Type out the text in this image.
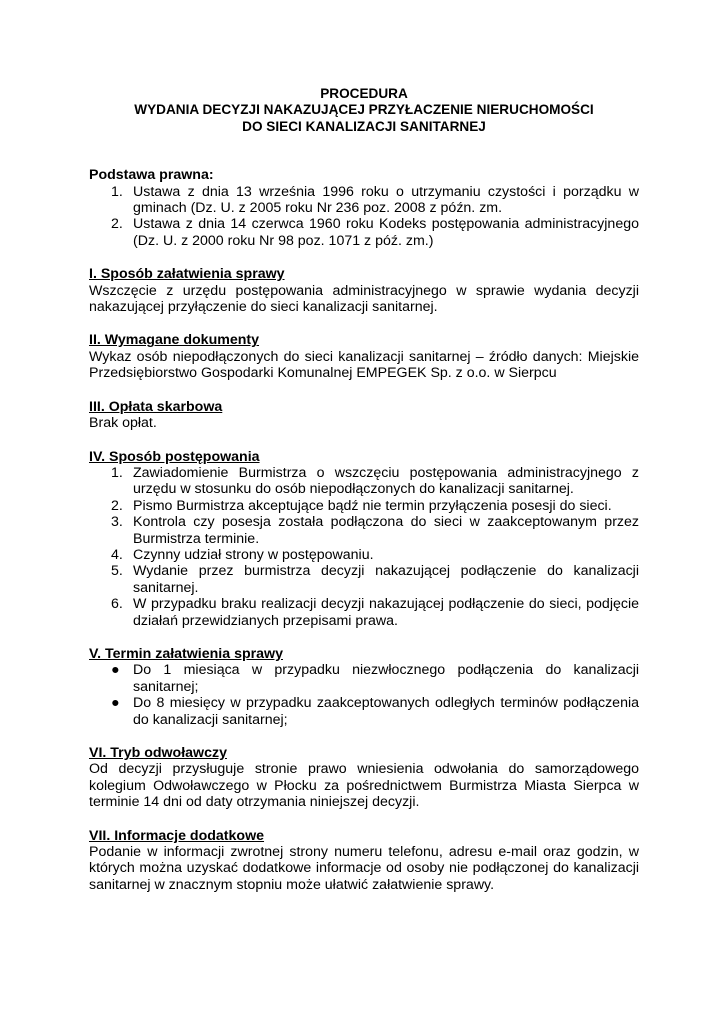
PROCEDURA
WYDANIA DECYZJI NAKAZUJĄCEJ PRZYŁACZENIE NIERUCHOMOŚCI
DO SIECI KANALIZACJI SANITARNEJ
Podstawa prawna:
1. Ustawa z dnia 13 września 1996 roku o utrzymaniu czystości i porządku w gminach (Dz. U. z 2005 roku Nr 236 poz. 2008 z późn. zm.
2. Ustawa z dnia 14 czerwca 1960 roku Kodeks postępowania administracyjnego (Dz. U. z 2000 roku Nr 98 poz. 1071 z póź. zm.)
I. Sposób załatwienia sprawy
Wszczęcie z urzędu postępowania administracyjnego w sprawie wydania decyzji nakazującej przyłączenie do sieci kanalizacji sanitarnej.
II. Wymagane dokumenty
Wykaz osób niepodłączonych do sieci kanalizacji sanitarnej – źródło danych: Miejskie Przedsiębiorstwo Gospodarki Komunalnej EMPEGEK Sp. z o.o. w Sierpcu
III. Opłata skarbowa
Brak opłat.
IV. Sposób postępowania
1. Zawiadomienie Burmistrza o wszczęciu postępowania administracyjnego z urzędu w stosunku do osób niepodłączonych do kanalizacji sanitarnej.
2. Pismo Burmistrza akceptujące bądź nie termin przyłączenia posesji do sieci.
3. Kontrola czy posesja została podłączona do sieci w zaakceptowanym przez Burmistrza terminie.
4. Czynny udział strony w postępowaniu.
5. Wydanie przez burmistrza decyzji nakazującej podłączenie do kanalizacji sanitarnej.
6. W przypadku braku realizacji decyzji nakazującej podłączenie do sieci, podjęcie działań przewidzianych przepisami prawa.
V. Termin załatwienia sprawy
● Do 1 miesiąca w przypadku niezwłocznego podłączenia do kanalizacji sanitarnej;
● Do 8 miesięcy w przypadku zaakceptowanych odległych terminów podłączenia do kanalizacji sanitarnej;
VI. Tryb odwoławczy
Od decyzji przysługuje stronie prawo wniesienia odwołania do samorządowego kolegium Odwoławczego w Płocku za pośrednictwem Burmistrza Miasta Sierpca w terminie 14 dni od daty otrzymania niniejszej decyzji.
VII. Informacje dodatkowe
Podanie w informacji zwrotnej strony numeru telefonu, adresu e-mail oraz godzin, w których można uzyskać dodatkowe informacje od osoby nie podłączonej do kanalizacji sanitarnej w znacznym stopniu może ułatwić załatwienie sprawy.
